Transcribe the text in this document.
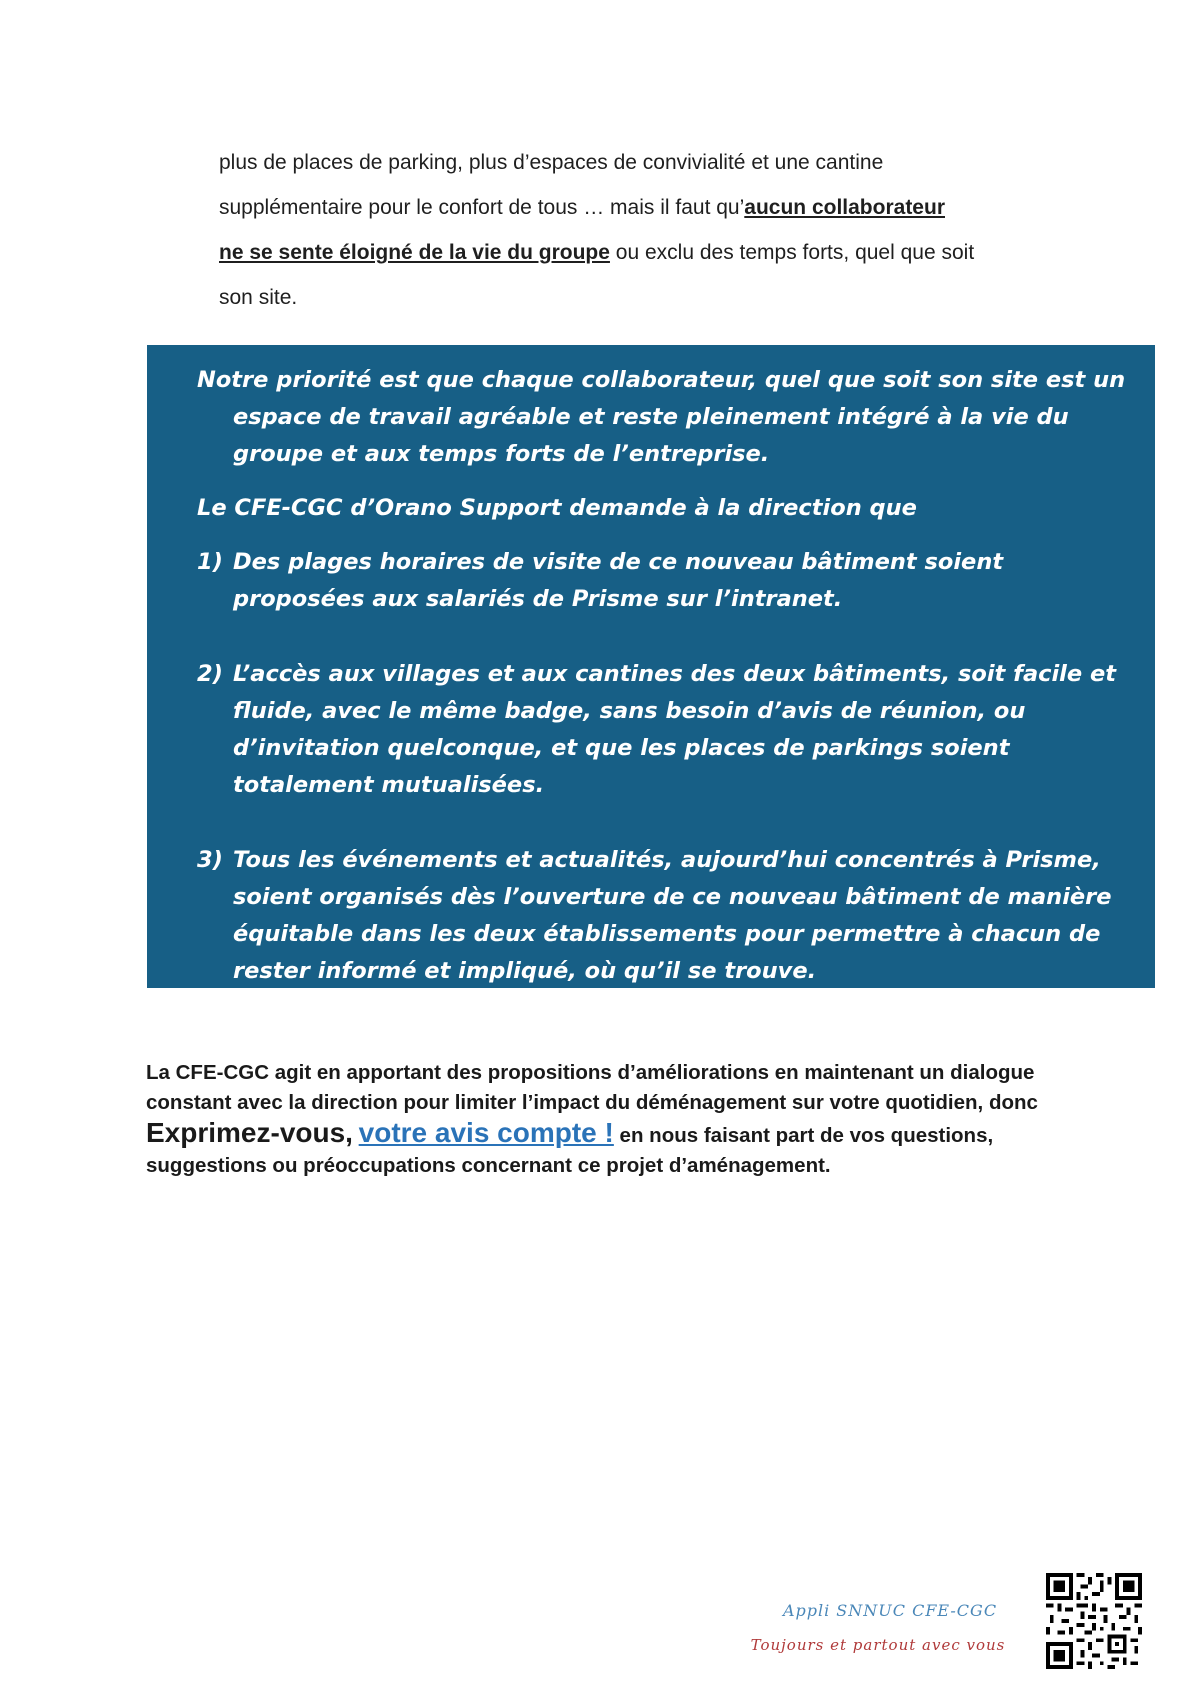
plus de places de parking, plus d’espaces de convivialité et une cantine
supplémentaire pour le confort de tous … mais il faut qu’aucun collaborateur
ne se sente éloigné de la vie du groupe ou exclu des temps forts, quel que soit
son site.

Notre priorité est que chaque collaborateur, quel que soit son site est un espace de travail agréable et reste pleinement intégré à la vie du groupe et aux temps forts de l’entreprise.

Le CFE-CGC d’Orano Support demande à la direction que

1) Des plages horaires de visite de ce nouveau bâtiment soient proposées aux salariés de Prisme sur l’intranet.
2) L’accès aux villages et aux cantines des deux bâtiments, soit facile et fluide, avec le même badge, sans besoin d’avis de réunion, ou d’invitation quelconque, et que les places de parkings soient totalement mutualisées.
3) Tous les événements et actualités, aujourd’hui concentrés à Prisme, soient organisés dès l’ouverture de ce nouveau bâtiment de manière équitable dans les deux établissements pour permettre à chacun de rester informé et impliqué, où qu’il se trouve.
La CFE-CGC agit en apportant des propositions d’améliorations en maintenant un dialogue constant avec la direction pour limiter l’impact du déménagement sur votre quotidien, donc Exprimez-vous, votre avis compte ! en nous faisant part de vos questions, suggestions ou préoccupations concernant ce projet d’aménagement.
Appli SNNUC CFE-CGC
Toujours et partout avec vous
